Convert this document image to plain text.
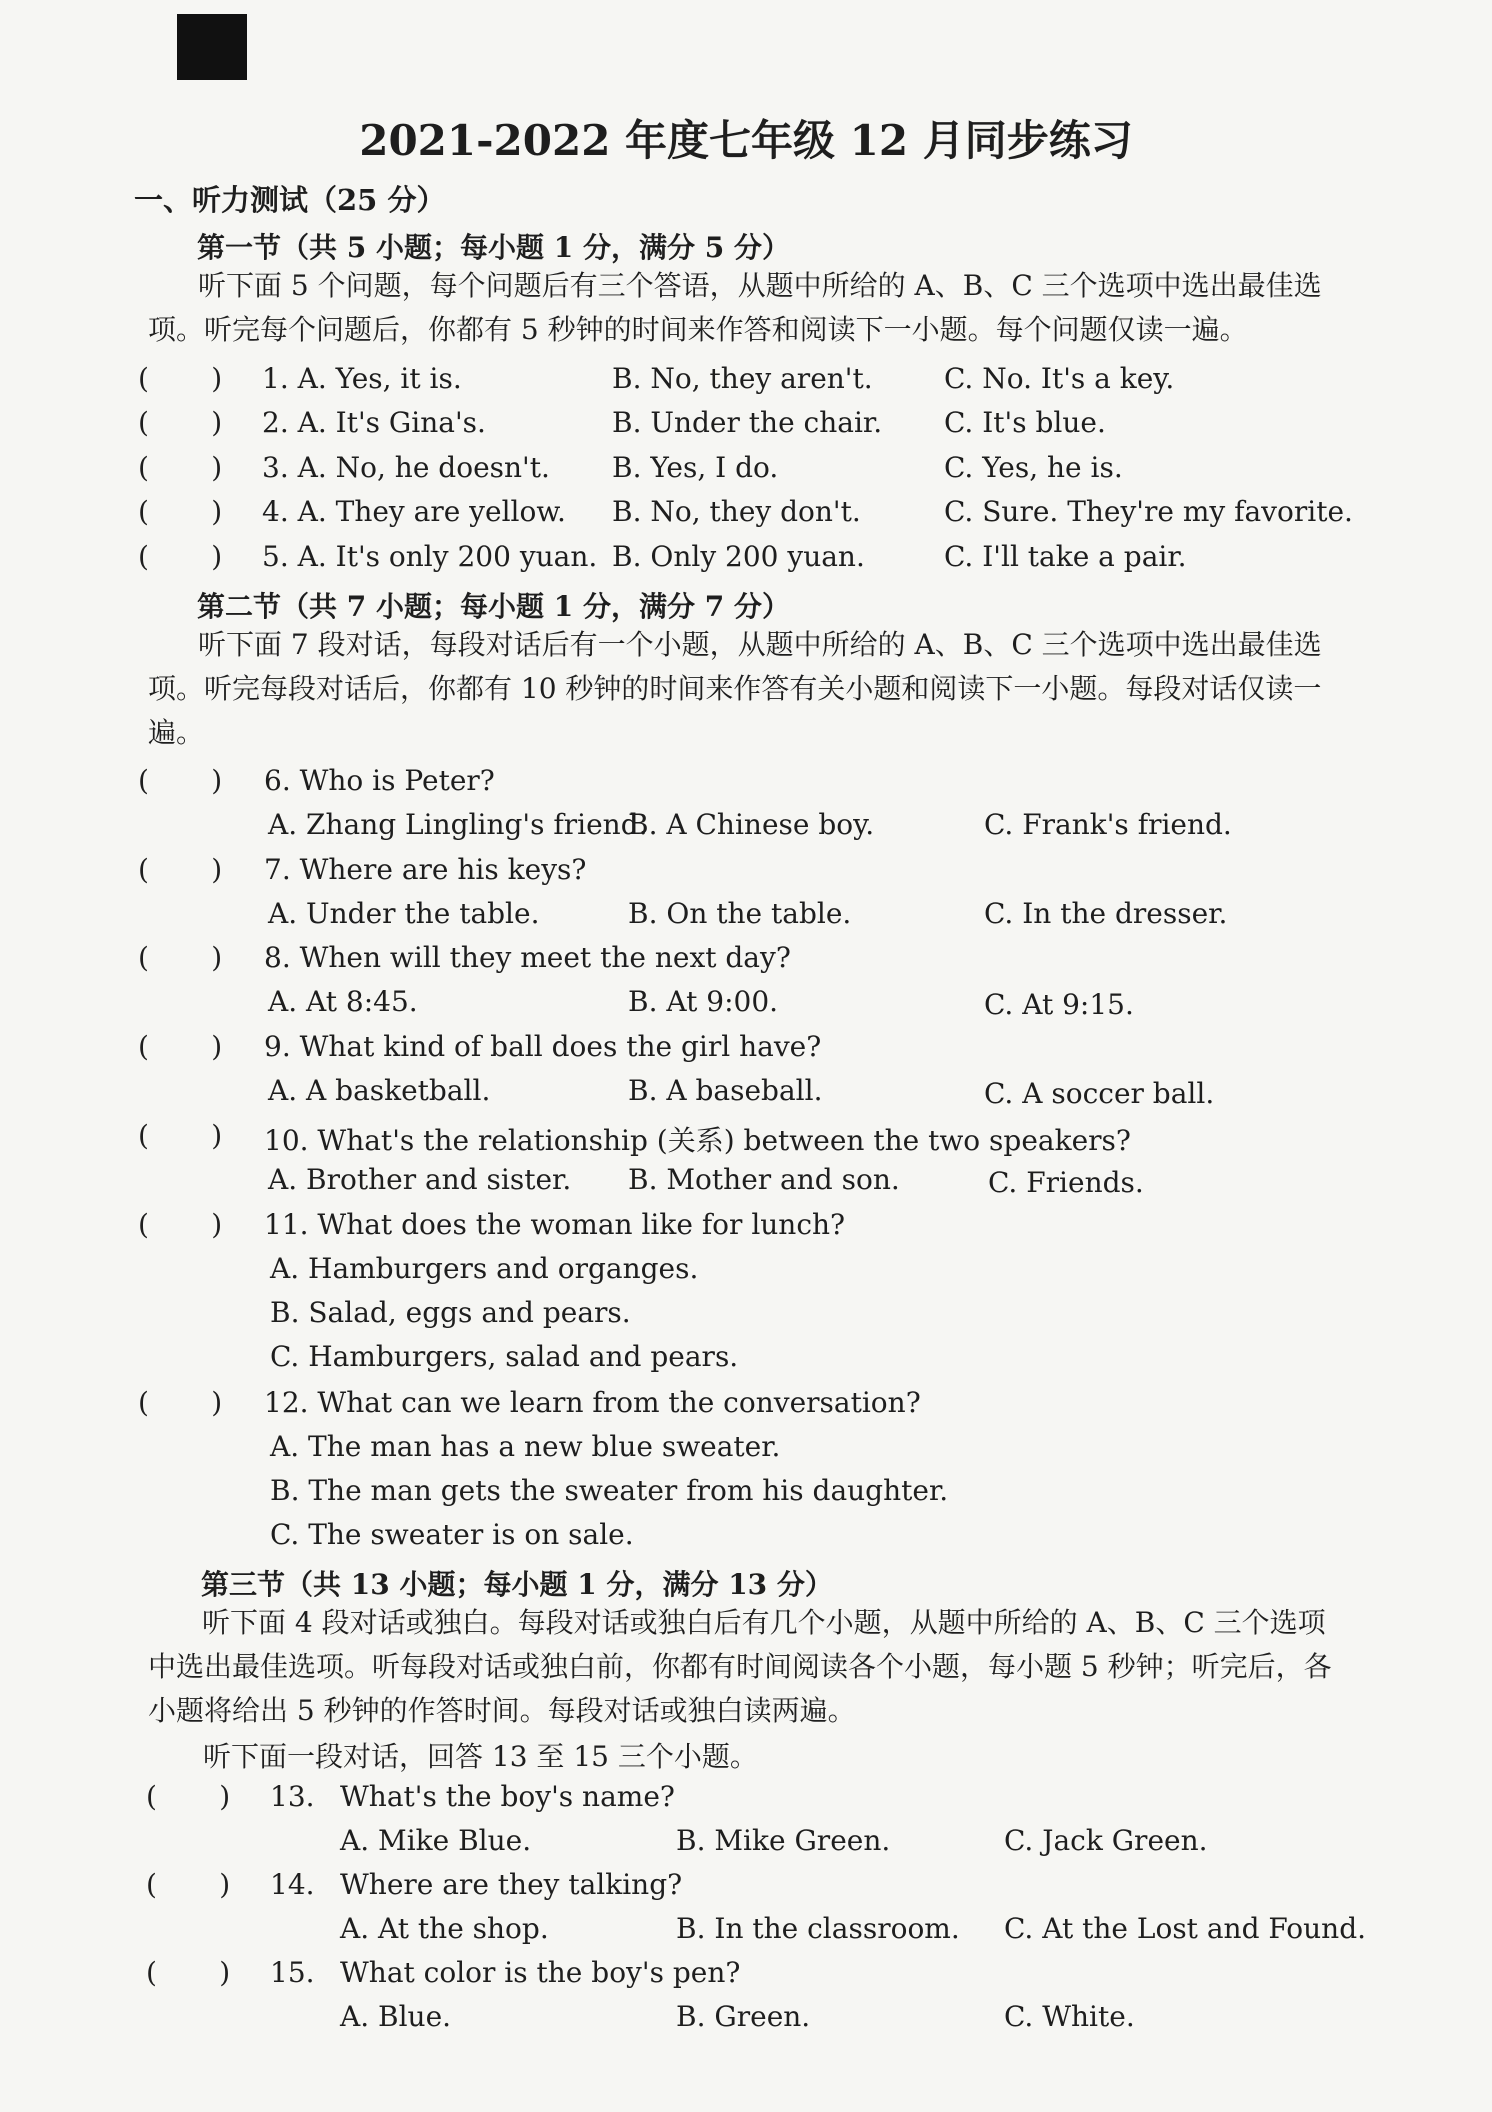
2021-2022 年度七年级 12 月同步练习
一、听力测试（25 分）
第一节（共 5 小题；每小题 1 分，满分 5 分）
听下面 5 个问题，每个问题后有三个答语，从题中所给的 A、B、C 三个选项中选出最佳选项。听完每个问题后，你都有 5 秒钟的时间来作答和阅读下一小题。每个问题仅读一遍。
(       ) 1. A. Yes, it is.	B. No, they aren't.	C. No. It's a key.
(       ) 2. A. It's Gina's.	B. Under the chair. C. It's blue.
(       ) 3. A. No, he doesn't. B. Yes, I do.	C. Yes, he is.
(       ) 4. A. They are yellow. B. No, they don't.	C. Sure. They're my favorite.
(       ) 5. A. It's only 200 yuan. B. Only 200 yuan.	C. I'll take a pair.
第二节（共 7 小题；每小题 1 分，满分 7 分）
听下面 7 段对话，每段对话后有一个小题，从题中所给的 A、B、C 三个选项中选出最佳选项。听完每段对话后，你都有 10 秒钟的时间来作答有关小题和阅读下一小题。每段对话仅读一遍。
(       ) 6. Who is Peter?
A. Zhang Lingling's friend.
B. A Chinese boy.	C. Frank's friend.
(       ) 7. Where are his keys?
A. Under the table.	B. On the table.	C. In the dresser.
(       ) 8. When will they meet the next day?
A. At 8:45.	B. At 9:00.	C. At 9:15.
(       ) 9. What kind of ball does the girl have?
A. A basketball.	B. A baseball.	C. A soccer ball.
(       ) 10. What's the relationship (关系) between the two speakers?
A. Brother and sister. B. Mother and son.	C. Friends.
(       ) 11. What does the woman like for lunch?
A. Hamburgers and organges.
B. Salad, eggs and pears.
C. Hamburgers, salad and pears.
(       ) 12. What can we learn from the conversation?
A. The man has a new blue sweater.
B. The man gets the sweater from his daughter.
C. The sweater is on sale.
第三节（共 13 小题；每小题 1 分，满分 13 分）
听下面 4 段对话或独白。每段对话或独白后有几个小题，从题中所给的 A、B、C 三个选项中选出最佳选项。听每段对话或独白前，你都有时间阅读各个小题，每小题 5 秒钟；听完后，各小题将给出 5 秒钟的作答时间。每段对话或独白读两遍。
听下面一段对话，回答 13 至 15 三个小题。
(       ) 13. What's the boy's name?
A. Mike Blue.	B. Mike Green.	C. Jack Green.
(       ) 14. Where are they talking?
A. At the shop.	B. In the classroom. C. At the Lost and Found.
(       ) 15. What color is the boy's pen?
A. Blue.	B. Green.	C. White.
